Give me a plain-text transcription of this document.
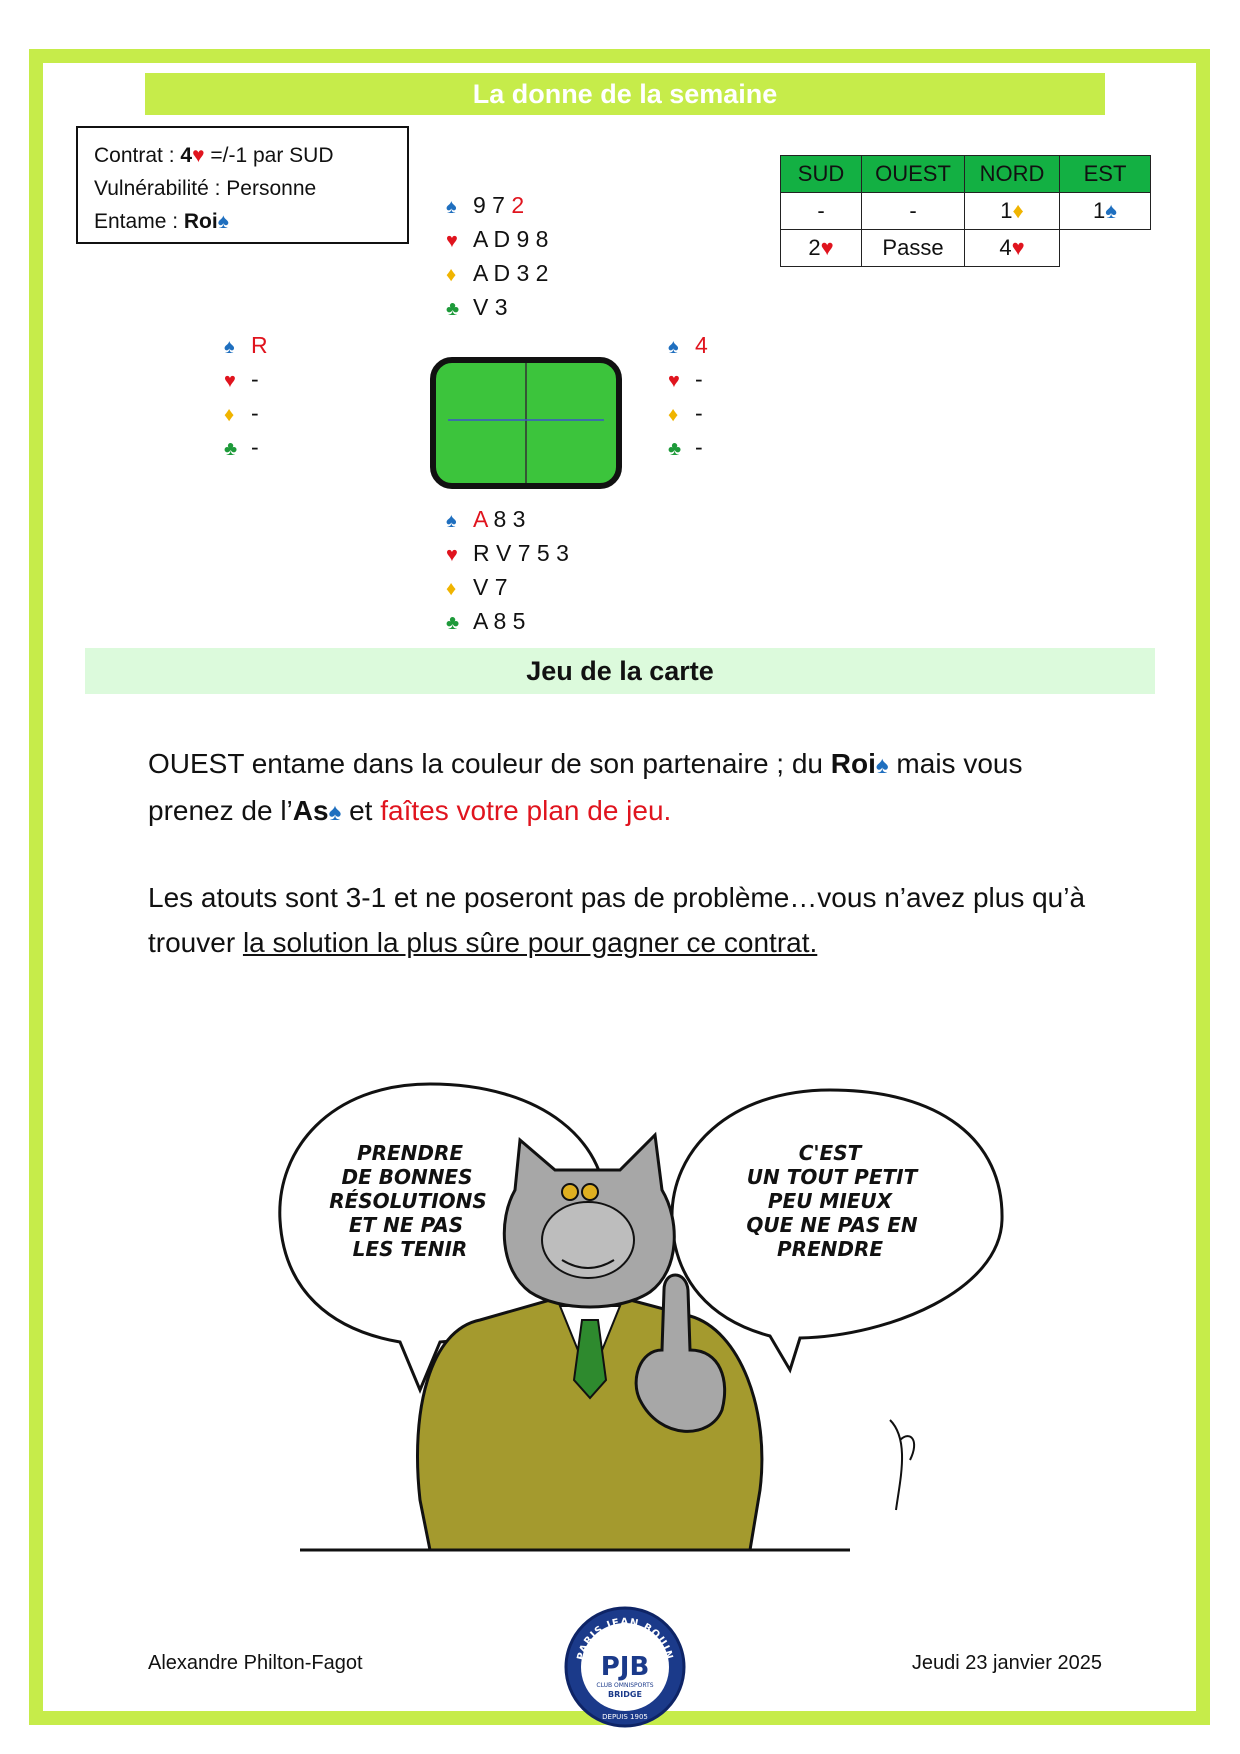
La donne de la semaine
Contrat : 4♥ =/-1 par SUD
Vulnérabilité : Personne
Entame : Roi♠
♠ 9 7 2
♥ A D 9 8
♦ A D 3 2
♣ V 3
♠ R
♥ -
♦ -
♣ -
♠ 4
♥ -
♦ -
♣ -
♠ A 8 3
♥ R V 7 5 3
♦ V 7
♣ A 8 5
SUD	OUEST	NORD	EST
-	-	1♦	1♠
2♥	Passe	4♥	
Jeu de la carte
OUEST entame dans la couleur de son partenaire ; du Roi♠ mais vous prenez de l’As♠ et faîtes votre plan de jeu.
Les atouts sont 3-1 et ne poseront pas de problème…vous n’avez plus qu’à trouver la solution la plus sûre pour gagner ce contrat.
PRENDRE
DE BONNES
RÉSOLUTIONS
ET NE PAS
LES TENIR
C'EST
UN TOUT PETIT
PEU MIEUX
QUE NE PAS EN
PRENDRE
Alexandre Philton-Fagot	Jeudi 23 janvier 2025
PARIS JEAN BOUIN
PJB
CLUB OMNISPORTS
BRIDGE
DEPUIS 1905
